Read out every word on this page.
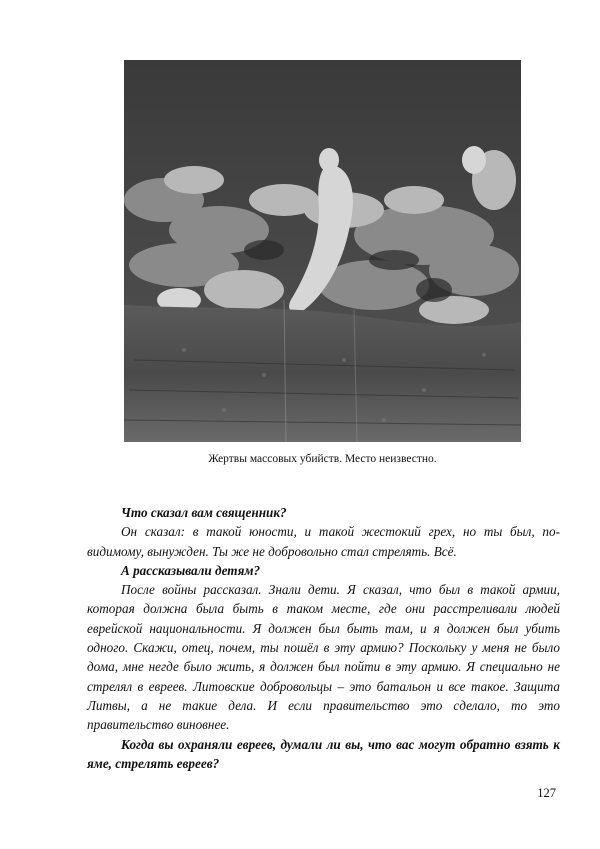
Жертвы массовых убийств. Место неизвестно.

Что сказал вам священник?

Он сказал: в такой юности, и такой жестокий грех, но ты был, по-видимому, вынужден. Ты же не добровольно стал стрелять. Всё.

А рассказывали детям?

После войны рассказал. Знали дети. Я сказал, что был в такой армии, которая должна была быть в таком месте, где они расстреливали людей еврейской национальности. Я должен был быть там, и я должен был убить одного. Скажи, отец, почем, ты пошёл в эту армию? Поскольку у меня не было дома, мне негде было жить, я должен был пойти в эту армию. Я специально не стрелял в евреев. Литовские добровольцы – это батальон и все такое. Защита Литвы, а не такие дела. И если правительство это сделало, то это правительство виновнее.

Когда вы охраняли евреев, думали ли вы, что вас могут обратно взять к яме, стрелять евреев?

127
